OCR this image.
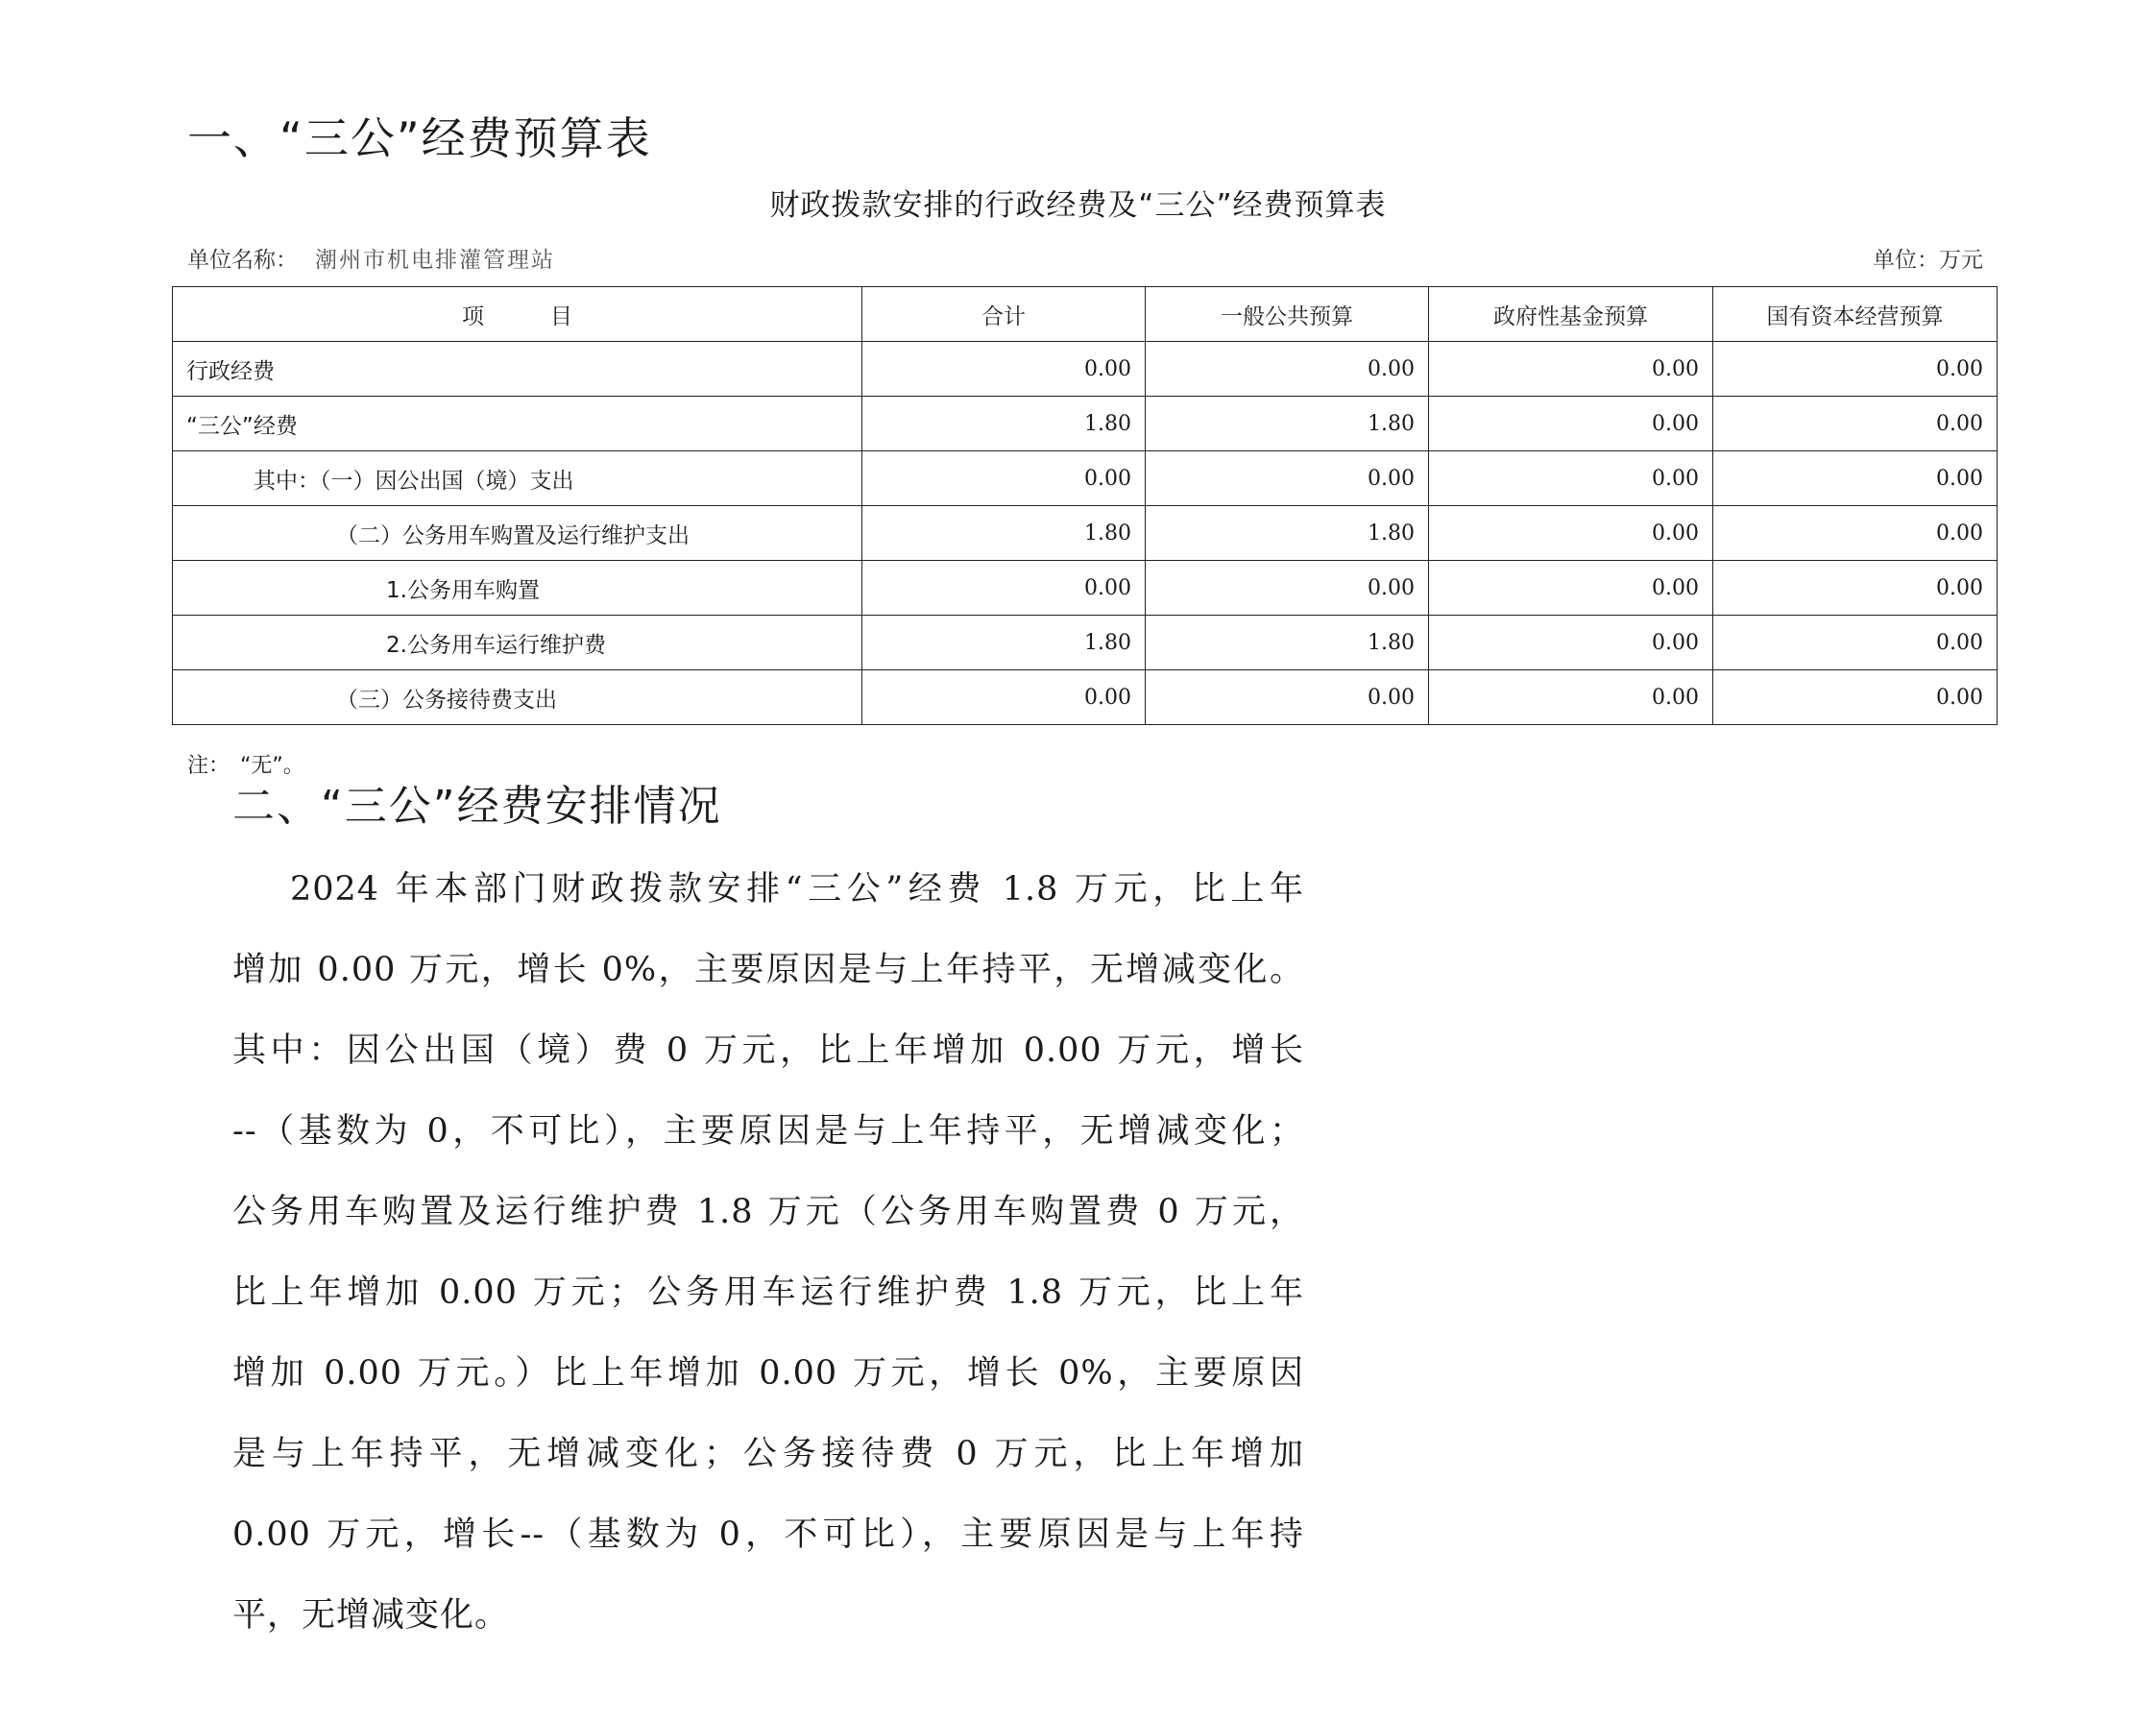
一、“三公”经费预算表
财政拨款安排的行政经费及“三公”经费预算表
单位名称： 潮州市机电排灌管理站	单位：万元
项　　　目	合计	一般公共预算	政府性基金预算	国有资本经营预算
行政经费	0.00	0.00	0.00	0.00
“三公”经费	1.80	1.80	0.00	0.00
其中：（一）因公出国（境）支出	0.00	0.00	0.00	0.00
（二）公务用车购置及运行维护支出	1.80	1.80	0.00	0.00
1.公务用车购置	0.00	0.00	0.00	0.00
2.公务用车运行维护费	1.80	1.80	0.00	0.00
（三）公务接待费支出	0.00	0.00	0.00	0.00
注：　“无”。
二、“三公”经费安排情况
2024 年本部门财政拨款安排“三公”经费 1.8 万元，比上年
增加 0.00 万元，增长 0%，主要原因是与上年持平，无增减变化。
其中：因公出国（境）费 0 万元，比上年增加 0.00 万元，增长
--（基数为 0，不可比），主要原因是与上年持平，无增减变化；
公务用车购置及运行维护费 1.8 万元（公务用车购置费 0 万元，
比上年增加 0.00 万元；公务用车运行维护费 1.8 万元，比上年
增加 0.00 万元。）比上年增加 0.00 万元，增长 0%，主要原因
是与上年持平，无增减变化；公务接待费 0 万元，比上年增加
0.00 万元，增长--（基数为 0，不可比），主要原因是与上年持
平，无增减变化。
